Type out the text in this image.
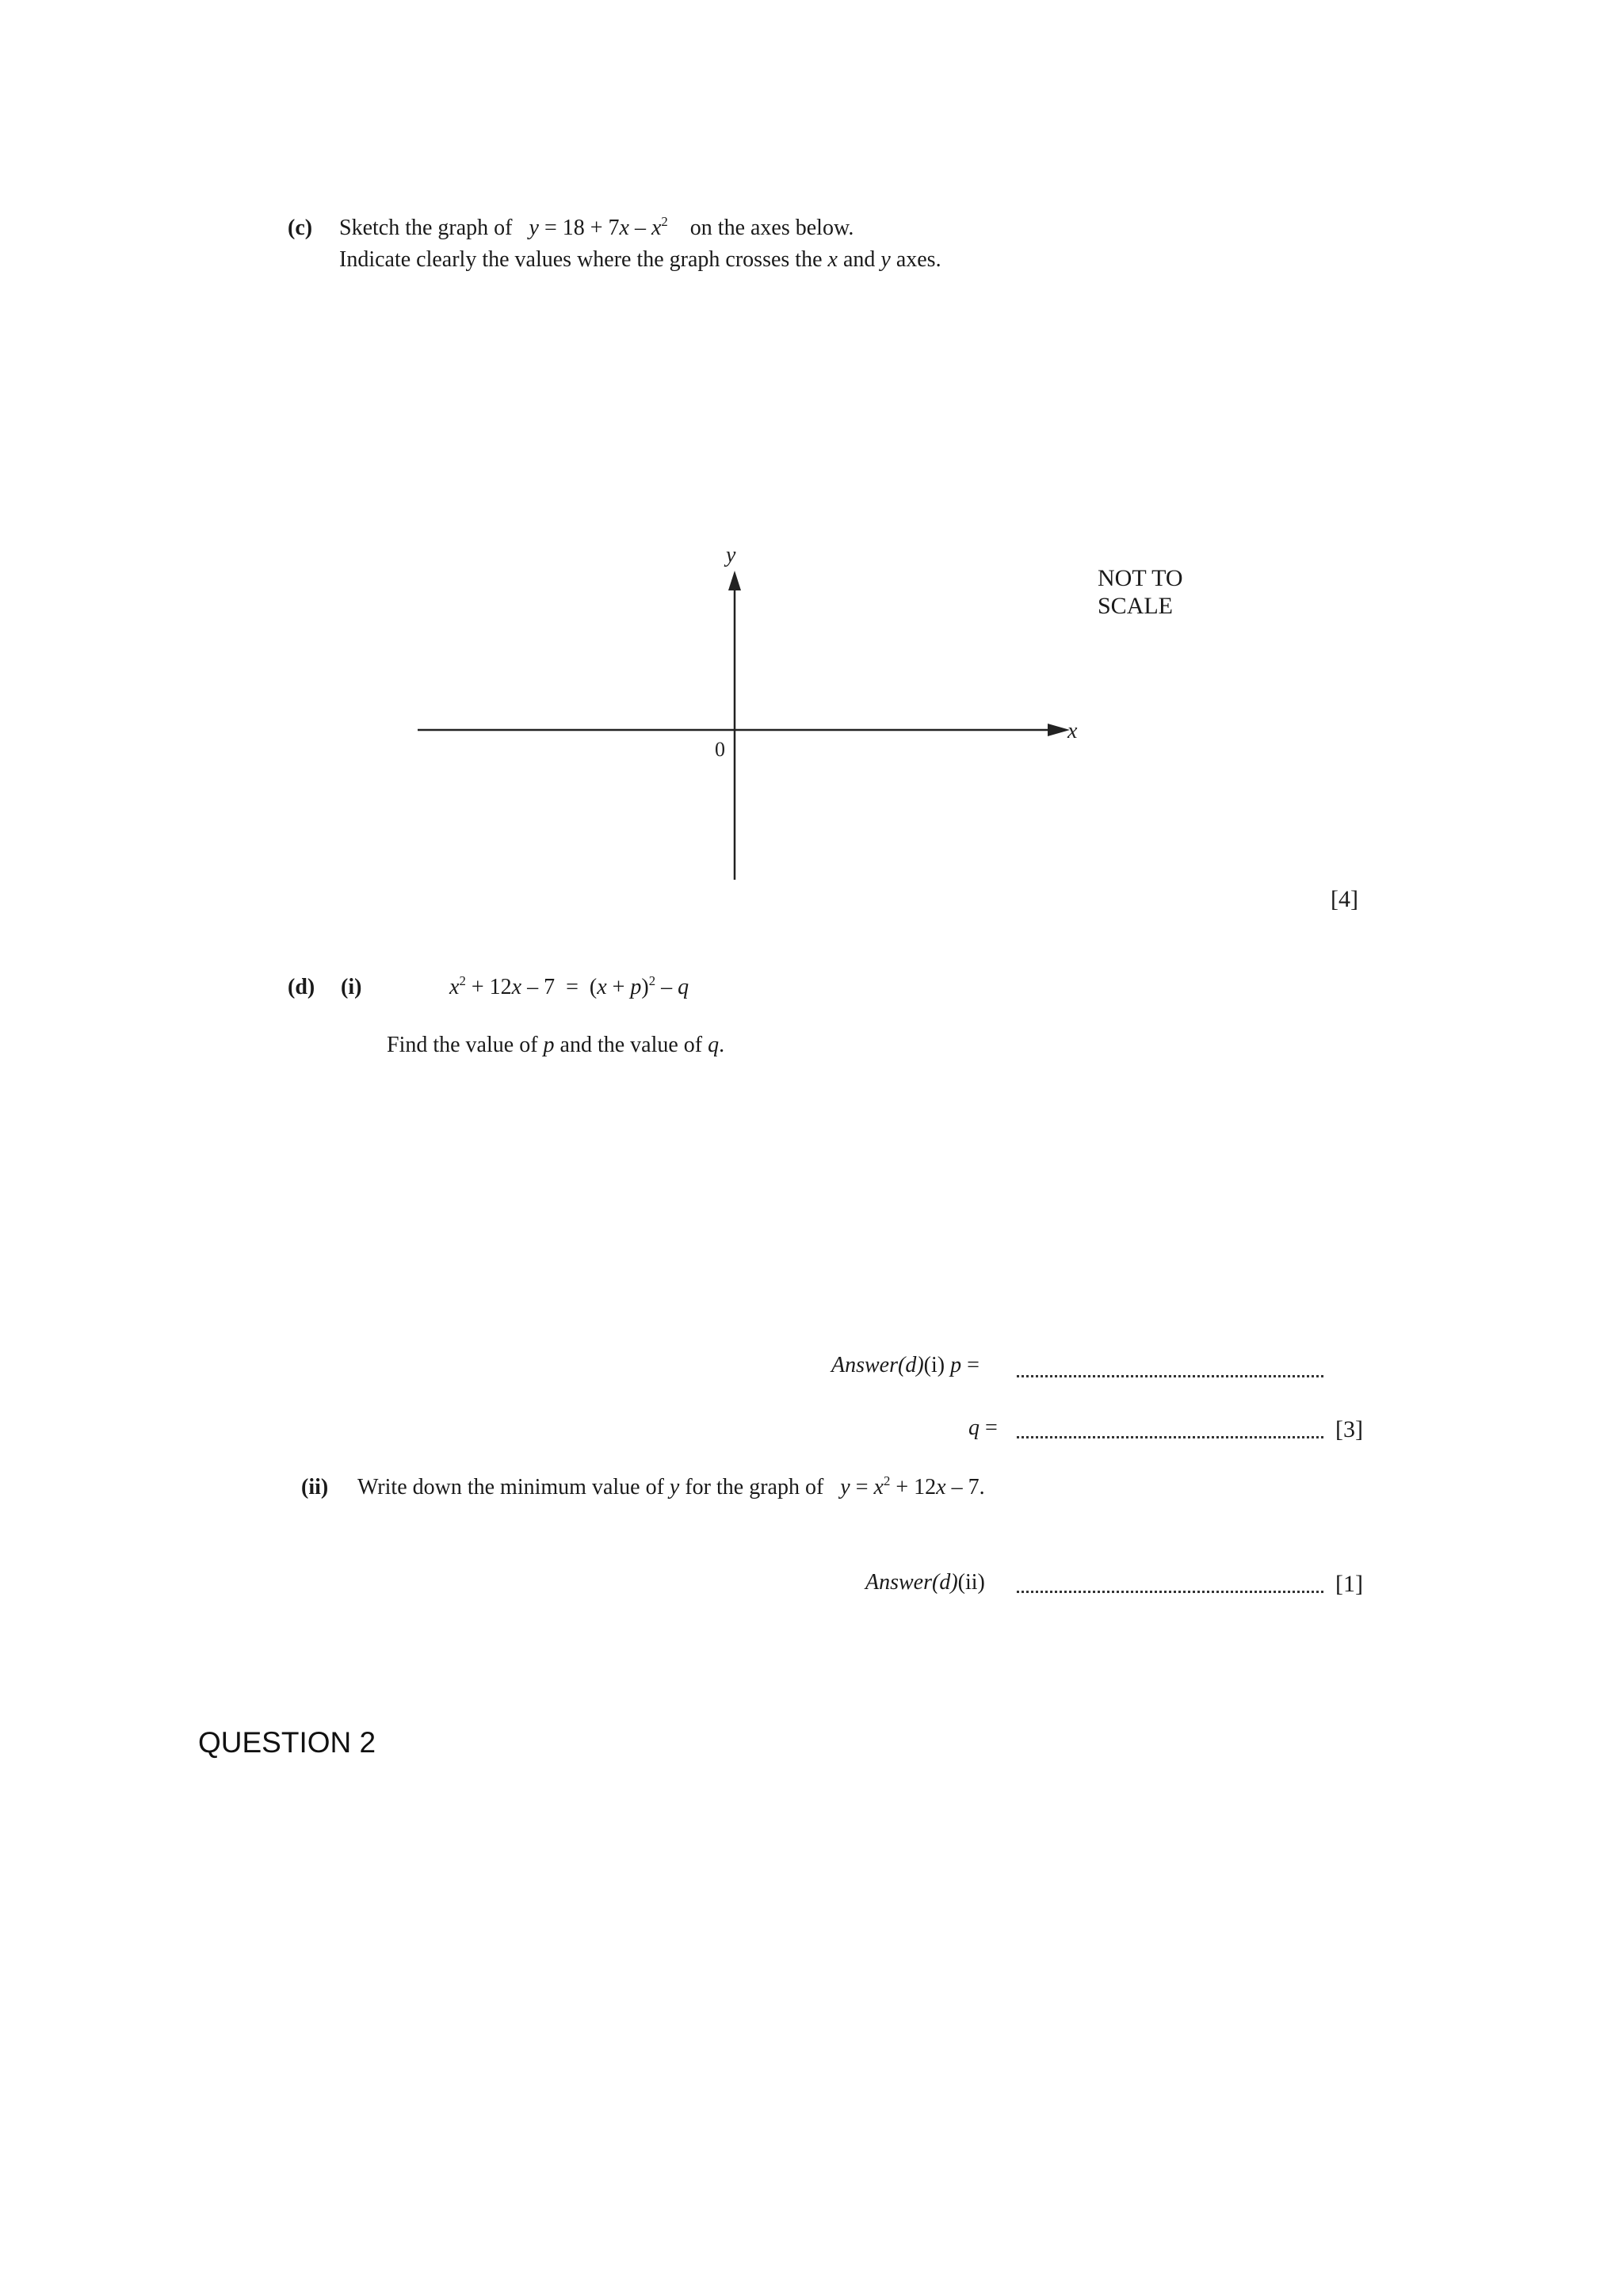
(c) Sketch the graph of $y = 18 + 7x - x^2$ on the axes below.
Indicate clearly the values where the graph crosses the x and y axes.
y
x
0
NOT TO
SCALE
[4]
(d) (i)	$x^2 + 12x - 7 = (x + p)^2 - q$
Find the value of p and the value of q.
Answer(d)(i) p =
q =	[3]
(ii) Write down the minimum value of y for the graph of $y = x^2 + 12x - 7$.
Answer(d)(ii)	[1]
QUESTION 2
